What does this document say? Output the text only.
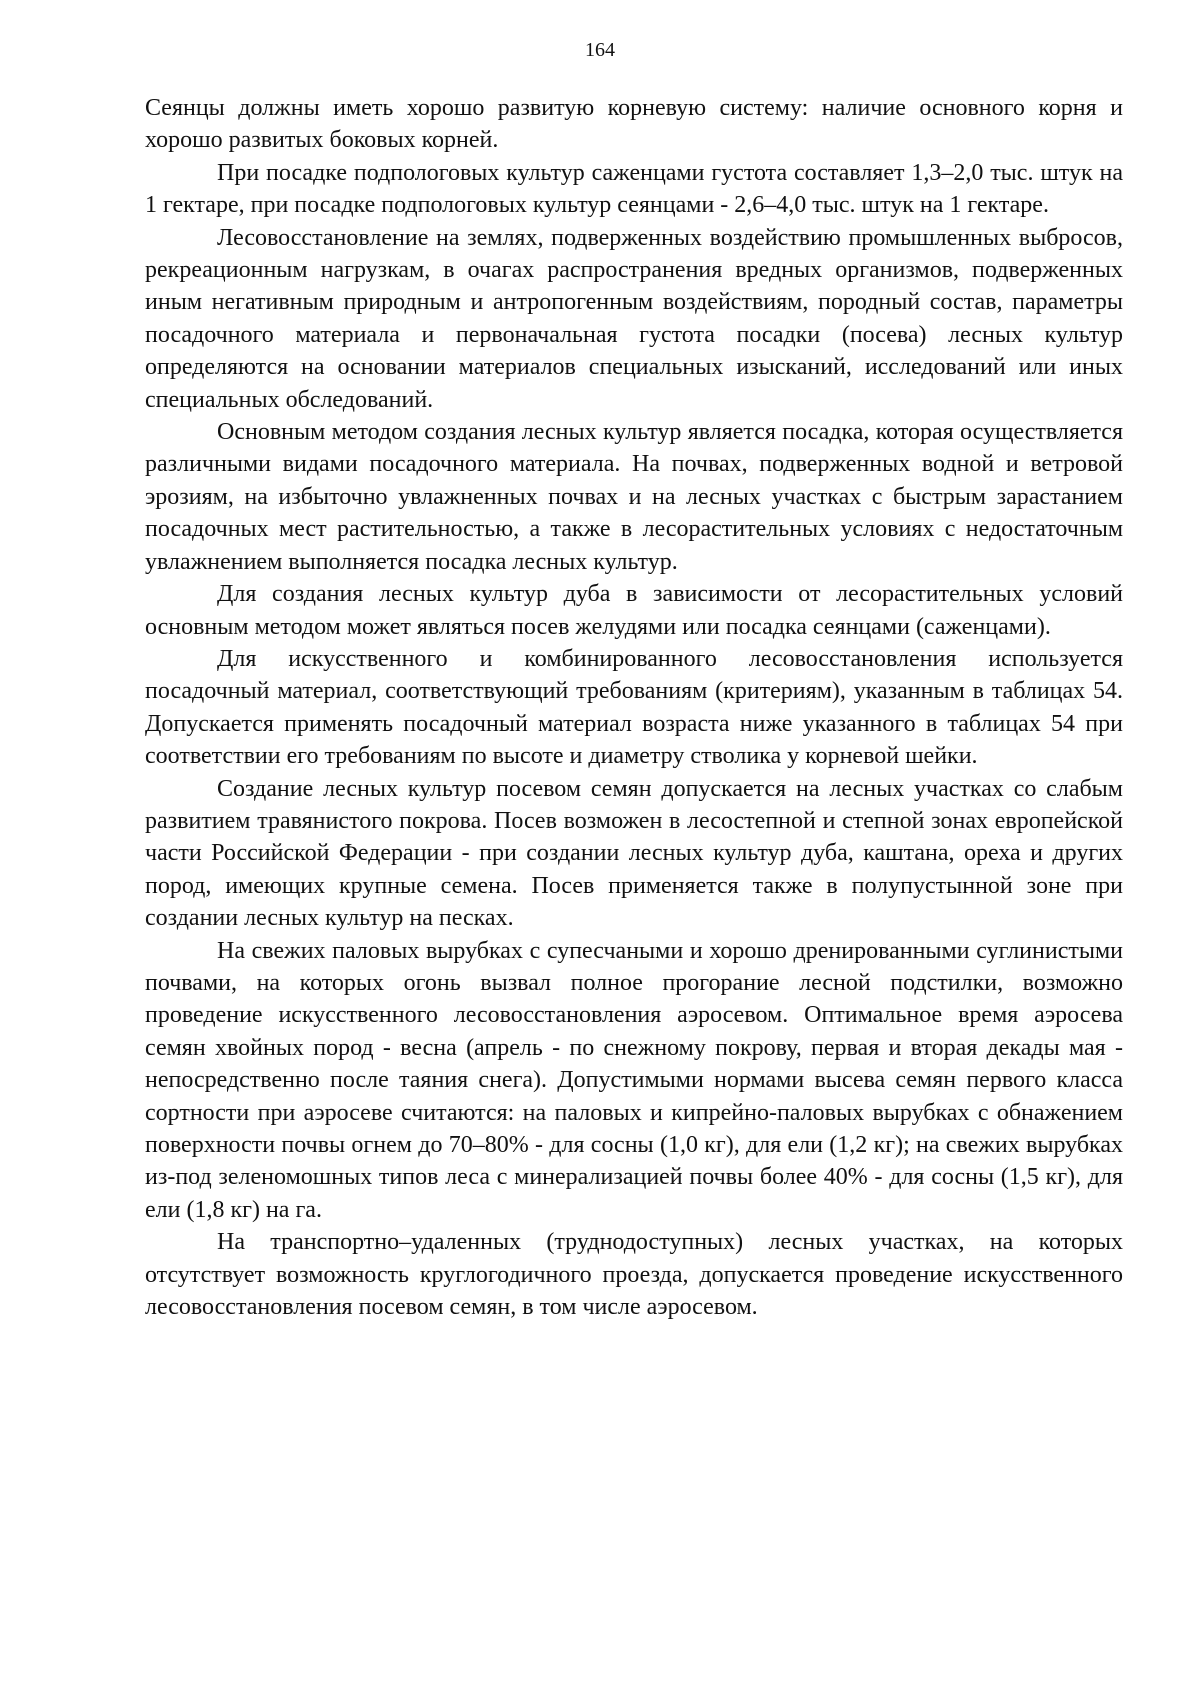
164

Сеянцы должны иметь хорошо развитую корневую систему: наличие основного корня и хорошо развитых боковых корней.

При посадке подпологовых культур саженцами густота составляет 1,3–2,0 тыс. штук на 1 гектаре, при посадке подпологовых культур сеянцами - 2,6–4,0 тыс. штук на 1 гектаре.

Лесовосстановление на землях, подверженных воздействию промышленных выбросов, рекреационным нагрузкам, в очагах распространения вредных организмов, подверженных иным негативным природным и антропогенным воздействиям, породный состав, параметры посадочного материала и первоначальная густота посадки (посева) лесных культур определяются на основании материалов специальных изысканий, исследований или иных специальных обследований.

Основным методом создания лесных культур является посадка, которая осуществляется различными видами посадочного материала. На почвах, подверженных водной и ветровой эрозиям, на избыточно увлажненных почвах и на лесных участках с быстрым зарастанием посадочных мест растительностью, а также в лесорастительных условиях с недостаточным увлажнением выполняется посадка лесных культур.

Для создания лесных культур дуба в зависимости от лесорастительных условий основным методом может являться посев желудями или посадка сеянцами (саженцами).

Для искусственного и комбинированного лесовосстановления используется посадочный материал, соответствующий требованиям (критериям), указанным в таблицах 54. Допускается применять посадочный материал возраста ниже указанного в таблицах 54 при соответствии его требованиям по высоте и диаметру стволика у корневой шейки.

Создание лесных культур посевом семян допускается на лесных участках со слабым развитием травянистого покрова. Посев возможен в лесостепной и степной зонах европейской части Российской Федерации - при создании лесных культур дуба, каштана, ореха и других пород, имеющих крупные семена. Посев применяется также в полупустынной зоне при создании лесных культур на песках.

На свежих паловых вырубках с супесчаными и хорошо дренированными суглинистыми почвами, на которых огонь вызвал полное прогорание лесной подстилки, возможно проведение искусственного лесовосстановления аэросевом. Оптимальное время аэросева семян хвойных пород - весна (апрель - по снежному покрову, первая и вторая декады мая - непосредственно после таяния снега). Допустимыми нормами высева семян первого класса сортности при аэросеве считаются: на паловых и кипрейно-паловых вырубках с обнажением поверхности почвы огнем до 70–80% - для сосны (1,0 кг), для ели (1,2 кг); на свежих вырубках из-под зеленомошных типов леса с минерализацией почвы более 40% - для сосны (1,5 кг), для ели (1,8 кг) на га.

На транспортно–удаленных (труднодоступных) лесных участках, на которых отсутствует возможность круглогодичного проезда, допускается проведение искусственного лесовосстановления посевом семян, в том числе аэросевом.
